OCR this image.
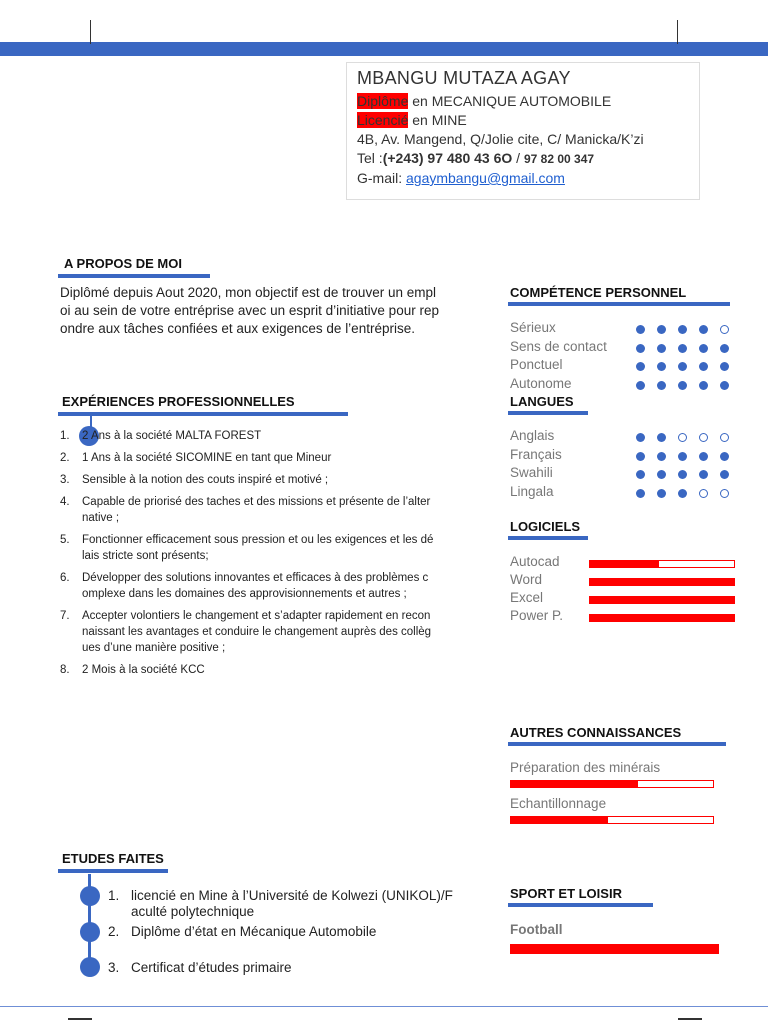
MBANGU MUTAZA AGAY
Diplôme en MECANIQUE AUTOMOBILE
Licencié en MINE
4B, Av. Mangend, Q/Jolie cite, C/ Manicka/K’zi
Tel :(+243) 97 480 43 6O / 97 82 00 347
G-mail: agaymbangu@gmail.com
A PROPOS DE MOI
Diplômé depuis Aout 2020, mon objectif est de trouver un empl
oi au sein de votre entréprise avec un esprit d’initiative pour rep
ondre aux tâches confiées et aux exigences de l’entréprise.
EXPÉRIENCES PROFESSIONNELLES
1.	2 Ans à la société MALTA FOREST
2.	1 Ans à la société SICOMINE en tant que Mineur
3.	Sensible à la notion des couts inspiré et motivé ;
4.	Capable de priorisé des taches et des missions et présente de l’alter
native ;
5.	Fonctionner efficacement sous pression et ou les exigences et les dé
lais stricte sont présents;
6.	Développer des solutions innovantes et efficaces à des problèmes c
omplexe dans les domaines des approvisionnements et autres ;
7.	Accepter volontiers le changement et s’adapter rapidement en recon
naissant les avantages et conduire le changement auprès des collèg
ues d’une manière positive ;
8.	2 Mois à la société KCC
COMPÉTENCE PERSONNEL
Sérieux
Sens de contact
Ponctuel
Autonome
LANGUES
Anglais
Français
Swahili
Lingala
LOGICIELS
Autocad
Word
Excel
Power P.
AUTRES CONNAISSANCES
Préparation des minérais
Echantillonnage
ETUDES FAITES
1. licencié en Mine à l’Université de Kolwezi (UNIKOL)/F
aculté polytechnique
2. Diplôme d’état en Mécanique Automobile
3. Certificat d’études primaire
SPORT ET LOISIR
Football
